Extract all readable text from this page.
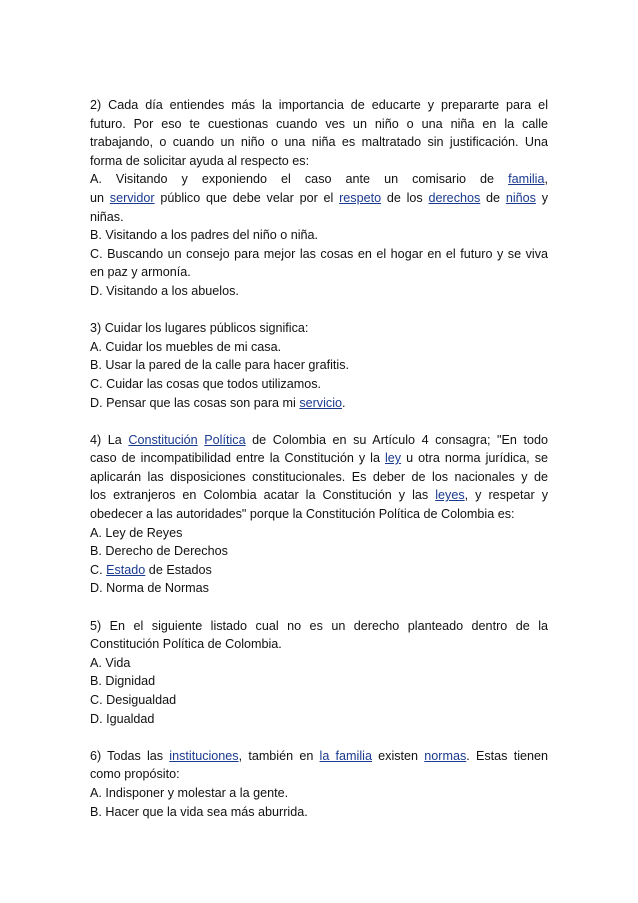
2) Cada día entiendes más la importancia de educarte y prepararte para el
futuro. Por eso te cuestionas cuando ves un niño o una niña en la calle
trabajando, o cuando un niño o una niña es maltratado sin justificación. Una
forma de solicitar ayuda al respecto es:
A. Visitando y exponiendo el caso ante un comisario de familia,
un servidor público que debe velar por el respeto de los derechos de niños y
niñas.
B. Visitando a los padres del niño o niña.
C. Buscando un consejo para mejor las cosas en el hogar en el futuro y se viva
en paz y armonía.
D. Visitando a los abuelos.
3) Cuidar los lugares públicos significa:
A. Cuidar los muebles de mi casa.
B. Usar la pared de la calle para hacer grafitis.
C. Cuidar las cosas que todos utilizamos.
D. Pensar que las cosas son para mi servicio.
4) La Constitución Política de Colombia en su Artículo 4 consagra; "En todo
caso de incompatibilidad entre la Constitución y la ley u otra norma jurídica, se
aplicarán las disposiciones constitucionales. Es deber de los nacionales y de
los extranjeros en Colombia acatar la Constitución y las leyes, y respetar y
obedecer a las autoridades" porque la Constitución Política de Colombia es:
A. Ley de Reyes
B. Derecho de Derechos
C. Estado de Estados
D. Norma de Normas
5) En el siguiente listado cual no es un derecho planteado dentro de la
Constitución Política de Colombia.
A. Vida
B. Dignidad
C. Desigualdad
D. Igualdad
6) Todas las instituciones, también en la familia existen normas. Estas tienen
como propósito:
A. Indisponer y molestar a la gente.
B. Hacer que la vida sea más aburrida.
